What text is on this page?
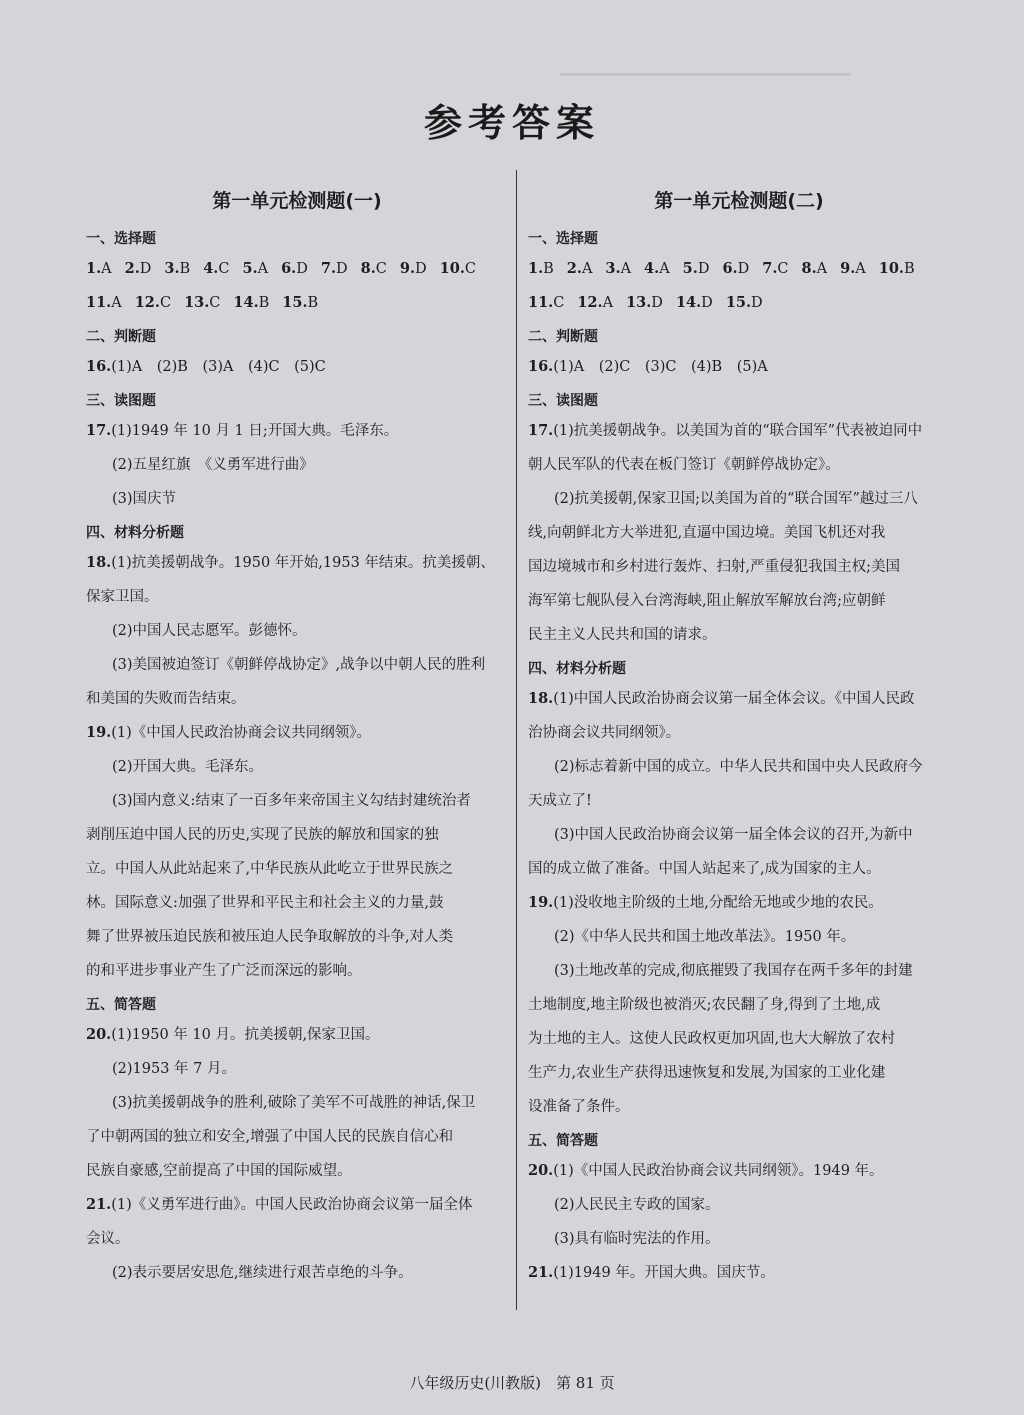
▁▁▁▁▁▁▁▁▁▁▁▁▁▁▁▁▁▁▁▁▁▁▁▁▁▁▁
参考答案
第一单元检测题(一)
一、选择题
1.A 2.D 3.B 4.C 5.A 6.D 7.D 8.C 9.D 10.C
11.A 12.C 13.C 14.B 15.B
二、判断题
16.(1)A　(2)B　(3)A　(4)C　(5)C
三、读图题
17.(1)1949 年 10 月 1 日;开国大典。毛泽东。
(2)五星红旗　《义勇军进行曲》
(3)国庆节
四、材料分析题
18.(1)抗美援朝战争。1950 年开始,1953 年结束。抗美援朝、
保家卫国。
(2)中国人民志愿军。彭德怀。
(3)美国被迫签订《朝鲜停战协定》,战争以中朝人民的胜利
和美国的失败而告结束。
19.(1)《中国人民政治协商会议共同纲领》。
(2)开国大典。毛泽东。
(3)国内意义:结束了一百多年来帝国主义勾结封建统治者
剥削压迫中国人民的历史,实现了民族的解放和国家的独
立。中国人从此站起来了,中华民族从此屹立于世界民族之
林。国际意义:加强了世界和平民主和社会主义的力量,鼓
舞了世界被压迫民族和被压迫人民争取解放的斗争,对人类
的和平进步事业产生了广泛而深远的影响。
五、简答题
20.(1)1950 年 10 月。抗美援朝,保家卫国。
(2)1953 年 7 月。
(3)抗美援朝战争的胜利,破除了美军不可战胜的神话,保卫
了中朝两国的独立和安全,增强了中国人民的民族自信心和
民族自豪感,空前提高了中国的国际威望。
21.(1)《义勇军进行曲》。中国人民政治协商会议第一届全体
会议。
(2)表示要居安思危,继续进行艰苦卓绝的斗争。
第一单元检测题(二)
一、选择题
1.B 2.A 3.A 4.A 5.D 6.D 7.C 8.A 9.A 10.B
11.C 12.A 13.D 14.D 15.D
二、判断题
16.(1)A　(2)C　(3)C　(4)B　(5)A
三、读图题
17.(1)抗美援朝战争。以美国为首的“联合国军”代表被迫同中
朝人民军队的代表在板门签订《朝鲜停战协定》。
(2)抗美援朝,保家卫国;以美国为首的“联合国军”越过三八
线,向朝鲜北方大举进犯,直逼中国边境。美国飞机还对我
国边境城市和乡村进行轰炸、扫射,严重侵犯我国主权;美国
海军第七舰队侵入台湾海峡,阻止解放军解放台湾;应朝鲜
民主主义人民共和国的请求。
四、材料分析题
18.(1)中国人民政治协商会议第一届全体会议。《中国人民政
治协商会议共同纲领》。
(2)标志着新中国的成立。中华人民共和国中央人民政府今
天成立了!
(3)中国人民政治协商会议第一届全体会议的召开,为新中
国的成立做了准备。中国人站起来了,成为国家的主人。
19.(1)没收地主阶级的土地,分配给无地或少地的农民。
(2)《中华人民共和国土地改革法》。1950 年。
(3)土地改革的完成,彻底摧毁了我国存在两千多年的封建
土地制度,地主阶级也被消灭;农民翻了身,得到了土地,成
为土地的主人。这使人民政权更加巩固,也大大解放了农村
生产力,农业生产获得迅速恢复和发展,为国家的工业化建
设准备了条件。
五、简答题
20.(1)《中国人民政治协商会议共同纲领》。1949 年。
(2)人民民主专政的国家。
(3)具有临时宪法的作用。
21.(1)1949 年。开国大典。国庆节。
八年级历史(川教版)　第 81 页
